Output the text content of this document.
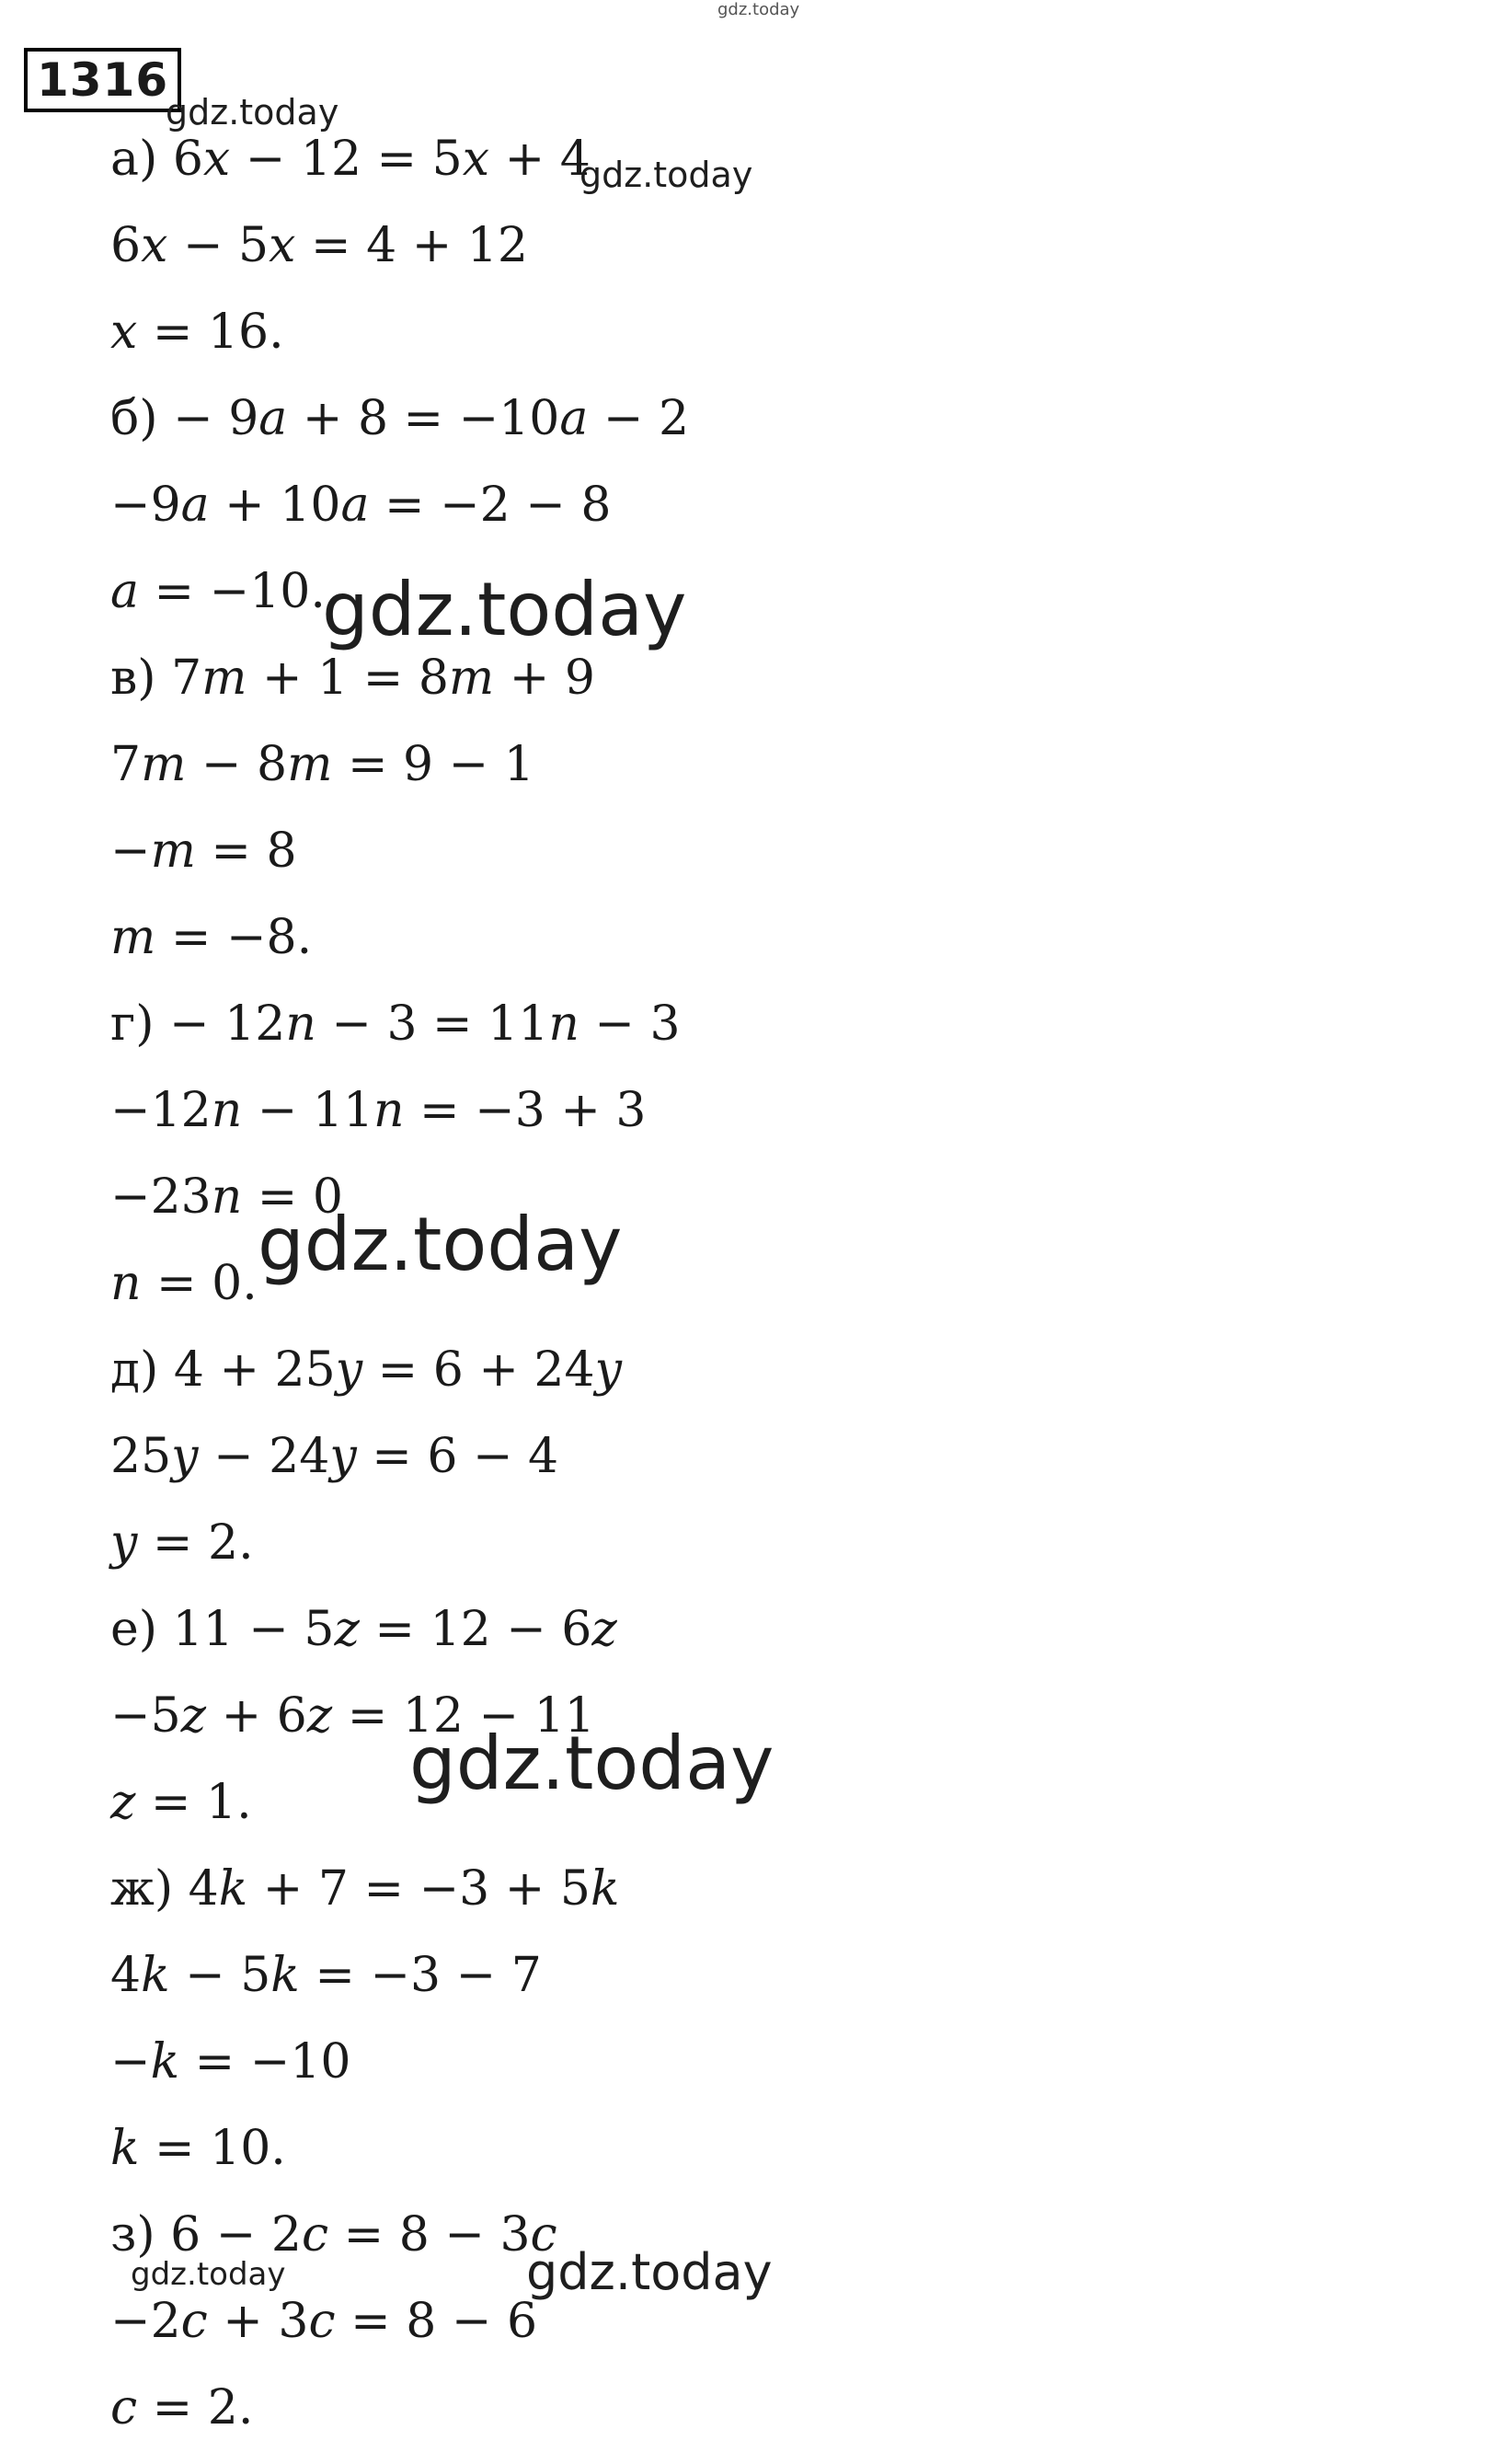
1316
а) 6𝑥 − 12 = 5𝑥 + 4
6𝑥 − 5𝑥 = 4 + 12
𝑥 = 16.
б) − 9𝑎 + 8 = −10𝑎 − 2
−9𝑎 + 10𝑎 = −2 − 8
𝑎 = −10.
в) 7𝑚 + 1 = 8𝑚 + 9
7𝑚 − 8𝑚 = 9 − 1
−𝑚 = 8
𝑚 = −8.
г) − 12𝑛 − 3 = 11𝑛 − 3
−12𝑛 − 11𝑛 = −3 + 3
−23𝑛 = 0
𝑛 = 0.
д) 4 + 25𝑦 = 6 + 24𝑦
25𝑦 − 24𝑦 = 6 − 4
𝑦 = 2.
е) 11 − 5𝑧 = 12 − 6𝑧
−5𝑧 + 6𝑧 = 12 − 11
𝑧 = 1.
ж) 4𝑘 + 7 = −3 + 5𝑘
4𝑘 − 5𝑘 = −3 − 7
−𝑘 = −10
𝑘 = 10.
з) 6 − 2𝑐 = 8 − 3𝑐
−2𝑐 + 3𝑐 = 8 − 6
𝑐 = 2.
gdz.today
gdz.today
gdz.today
gdz.today
gdz.today
gdz.today
gdz.today	gdz.today
